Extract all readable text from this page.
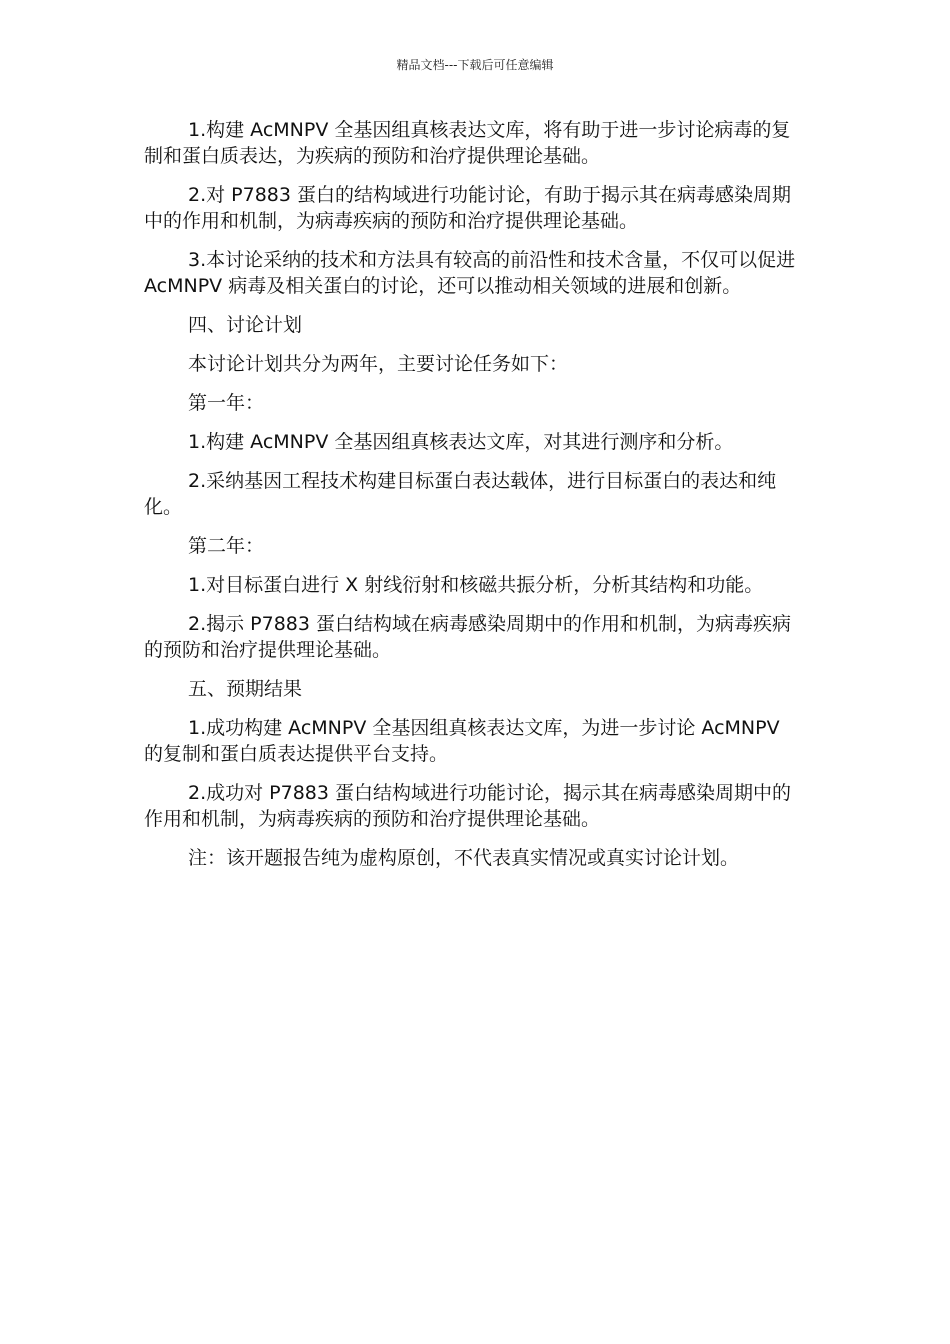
精品文档---下载后可任意编辑

1.构建 AcMNPV 全基因组真核表达文库，将有助于进一步讨论病毒的复制和蛋白质表达，为疾病的预防和治疗提供理论基础。

2.对 P7883 蛋白的结构域进行功能讨论，有助于揭示其在病毒感染周期中的作用和机制，为病毒疾病的预防和治疗提供理论基础。

3.本讨论采纳的技术和方法具有较高的前沿性和技术含量，不仅可以促进 AcMNPV 病毒及相关蛋白的讨论，还可以推动相关领域的进展和创新。

四、讨论计划

本讨论计划共分为两年，主要讨论任务如下：

第一年：

1.构建 AcMNPV 全基因组真核表达文库，对其进行测序和分析。

2.采纳基因工程技术构建目标蛋白表达载体，进行目标蛋白的表达和纯化。

第二年：

1.对目标蛋白进行 X 射线衍射和核磁共振分析，分析其结构和功能。

2.揭示 P7883 蛋白结构域在病毒感染周期中的作用和机制，为病毒疾病的预防和治疗提供理论基础。

五、预期结果

1.成功构建 AcMNPV 全基因组真核表达文库，为进一步讨论 AcMNPV 的复制和蛋白质表达提供平台支持。

2.成功对 P7883 蛋白结构域进行功能讨论，揭示其在病毒感染周期中的作用和机制，为病毒疾病的预防和治疗提供理论基础。

注：该开题报告纯为虚构原创，不代表真实情况或真实讨论计划。
